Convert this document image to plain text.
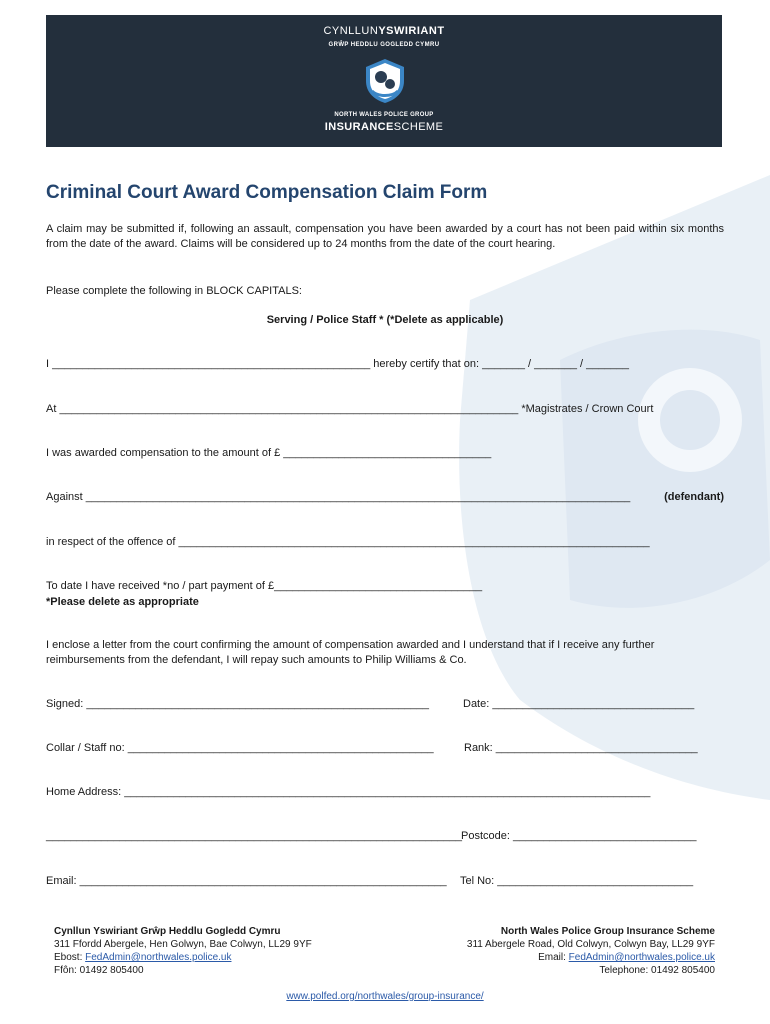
CYNLLUNYSWIRIANT
GRŴP HEDDLU GOGLEDD CYMRU
NORTH WALES POLICE GROUP
INSURANCESCHEME
Criminal Court Award Compensation Claim Form
A claim may be submitted if, following an assault, compensation you have been awarded by a court has not been paid within six months from the date of the award. Claims will be considered up to 24 months from the date of the court hearing.
Please complete the following in BLOCK CAPITALS:
Serving / Police Staff * (*Delete as applicable)
I ____________________________________________________ hereby certify that on: _______ / _______ / _______
At ___________________________________________________________________________ *Magistrates / Crown Court
I was awarded compensation to the amount of £ __________________________________
Against _________________________________________________________________________________________	(defendant)
in respect of the offence of _____________________________________________________________________________
To date I have received *no / part payment of £__________________________________
*Please delete as appropriate
I enclose a letter from the court confirming the amount of compensation awarded and I understand that if I receive any further reimbursements from the defendant, I will repay such amounts to Philip Williams & Co.
Signed: ________________________________________________________	Date: _________________________________
Collar / Staff no: __________________________________________________	Rank: _________________________________
Home Address: ______________________________________________________________________________________
____________________________________________________________________
Postcode: ______________________________
Email: ____________________________________________________________ Tel No: ________________________________
Cynllun Yswiriant Grŵp Heddlu Gogledd Cymru
311 Ffordd Abergele, Hen Golwyn, Bae Colwyn, LL29 9YF
Ebost: FedAdmin@northwales.police.uk
Ffôn: 01492 805400
North Wales Police Group Insurance Scheme
311 Abergele Road, Old Colwyn, Colwyn Bay, LL29 9YF
Email: FedAdmin@northwales.police.uk
Telephone: 01492 805400
www.polfed.org/northwales/group-insurance/
